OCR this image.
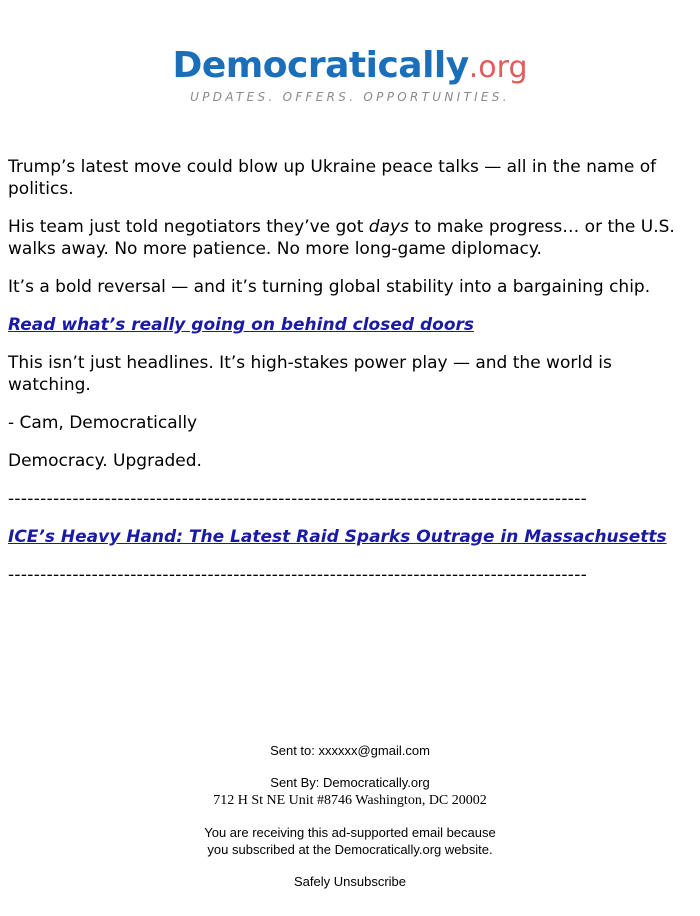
Democratically.org
UPDATES. OFFERS. OPPORTUNITIES.

Trump’s latest move could blow up Ukraine peace talks — all in the name of politics.

His team just told negotiators they’ve got days to make progress… or the U.S. walks away. No more patience. No more long-game diplomacy.

It’s a bold reversal — and it’s turning global stability into a bargaining chip.

Read what’s really going on behind closed doors

This isn’t just headlines. It’s high-stakes power play — and the world is watching.

- Cam, Democratically

Democracy. Upgraded.

------------------------------------------------------------------------------------------

ICE’s Heavy Hand: The Latest Raid Sparks Outrage in Massachusetts

------------------------------------------------------------------------------------------

Sent to: xxxxxx@gmail.com

Sent By: Democratically.org
712 H St NE Unit #8746 Washington, DC 20002

You are receiving this ad-supported email because
you subscribed at the Democratically.org website.

Safely Unsubscribe
